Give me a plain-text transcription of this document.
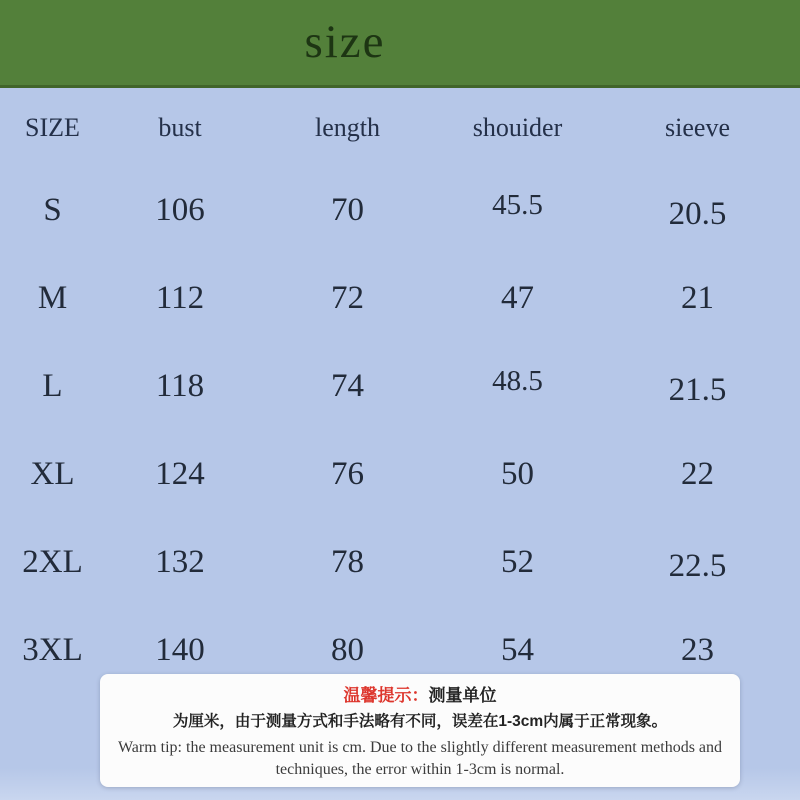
size
SIZE	bust	length	shouider	sieeve
S	106	70	45.5	20.5
M	112	72	47	21
L	118	74	48.5	21.5
XL	124	76	50	22
2XL	132	78	52	22.5
3XL	140	80	54	23
温馨提示：测量单位
为厘米，由于测量方式和手法略有不同，误差在1-3cm内属于正常现象。
Warm tip: the measurement unit is cm. Due to the slightly different measurement methods and
techniques, the error within 1-3cm is normal.
